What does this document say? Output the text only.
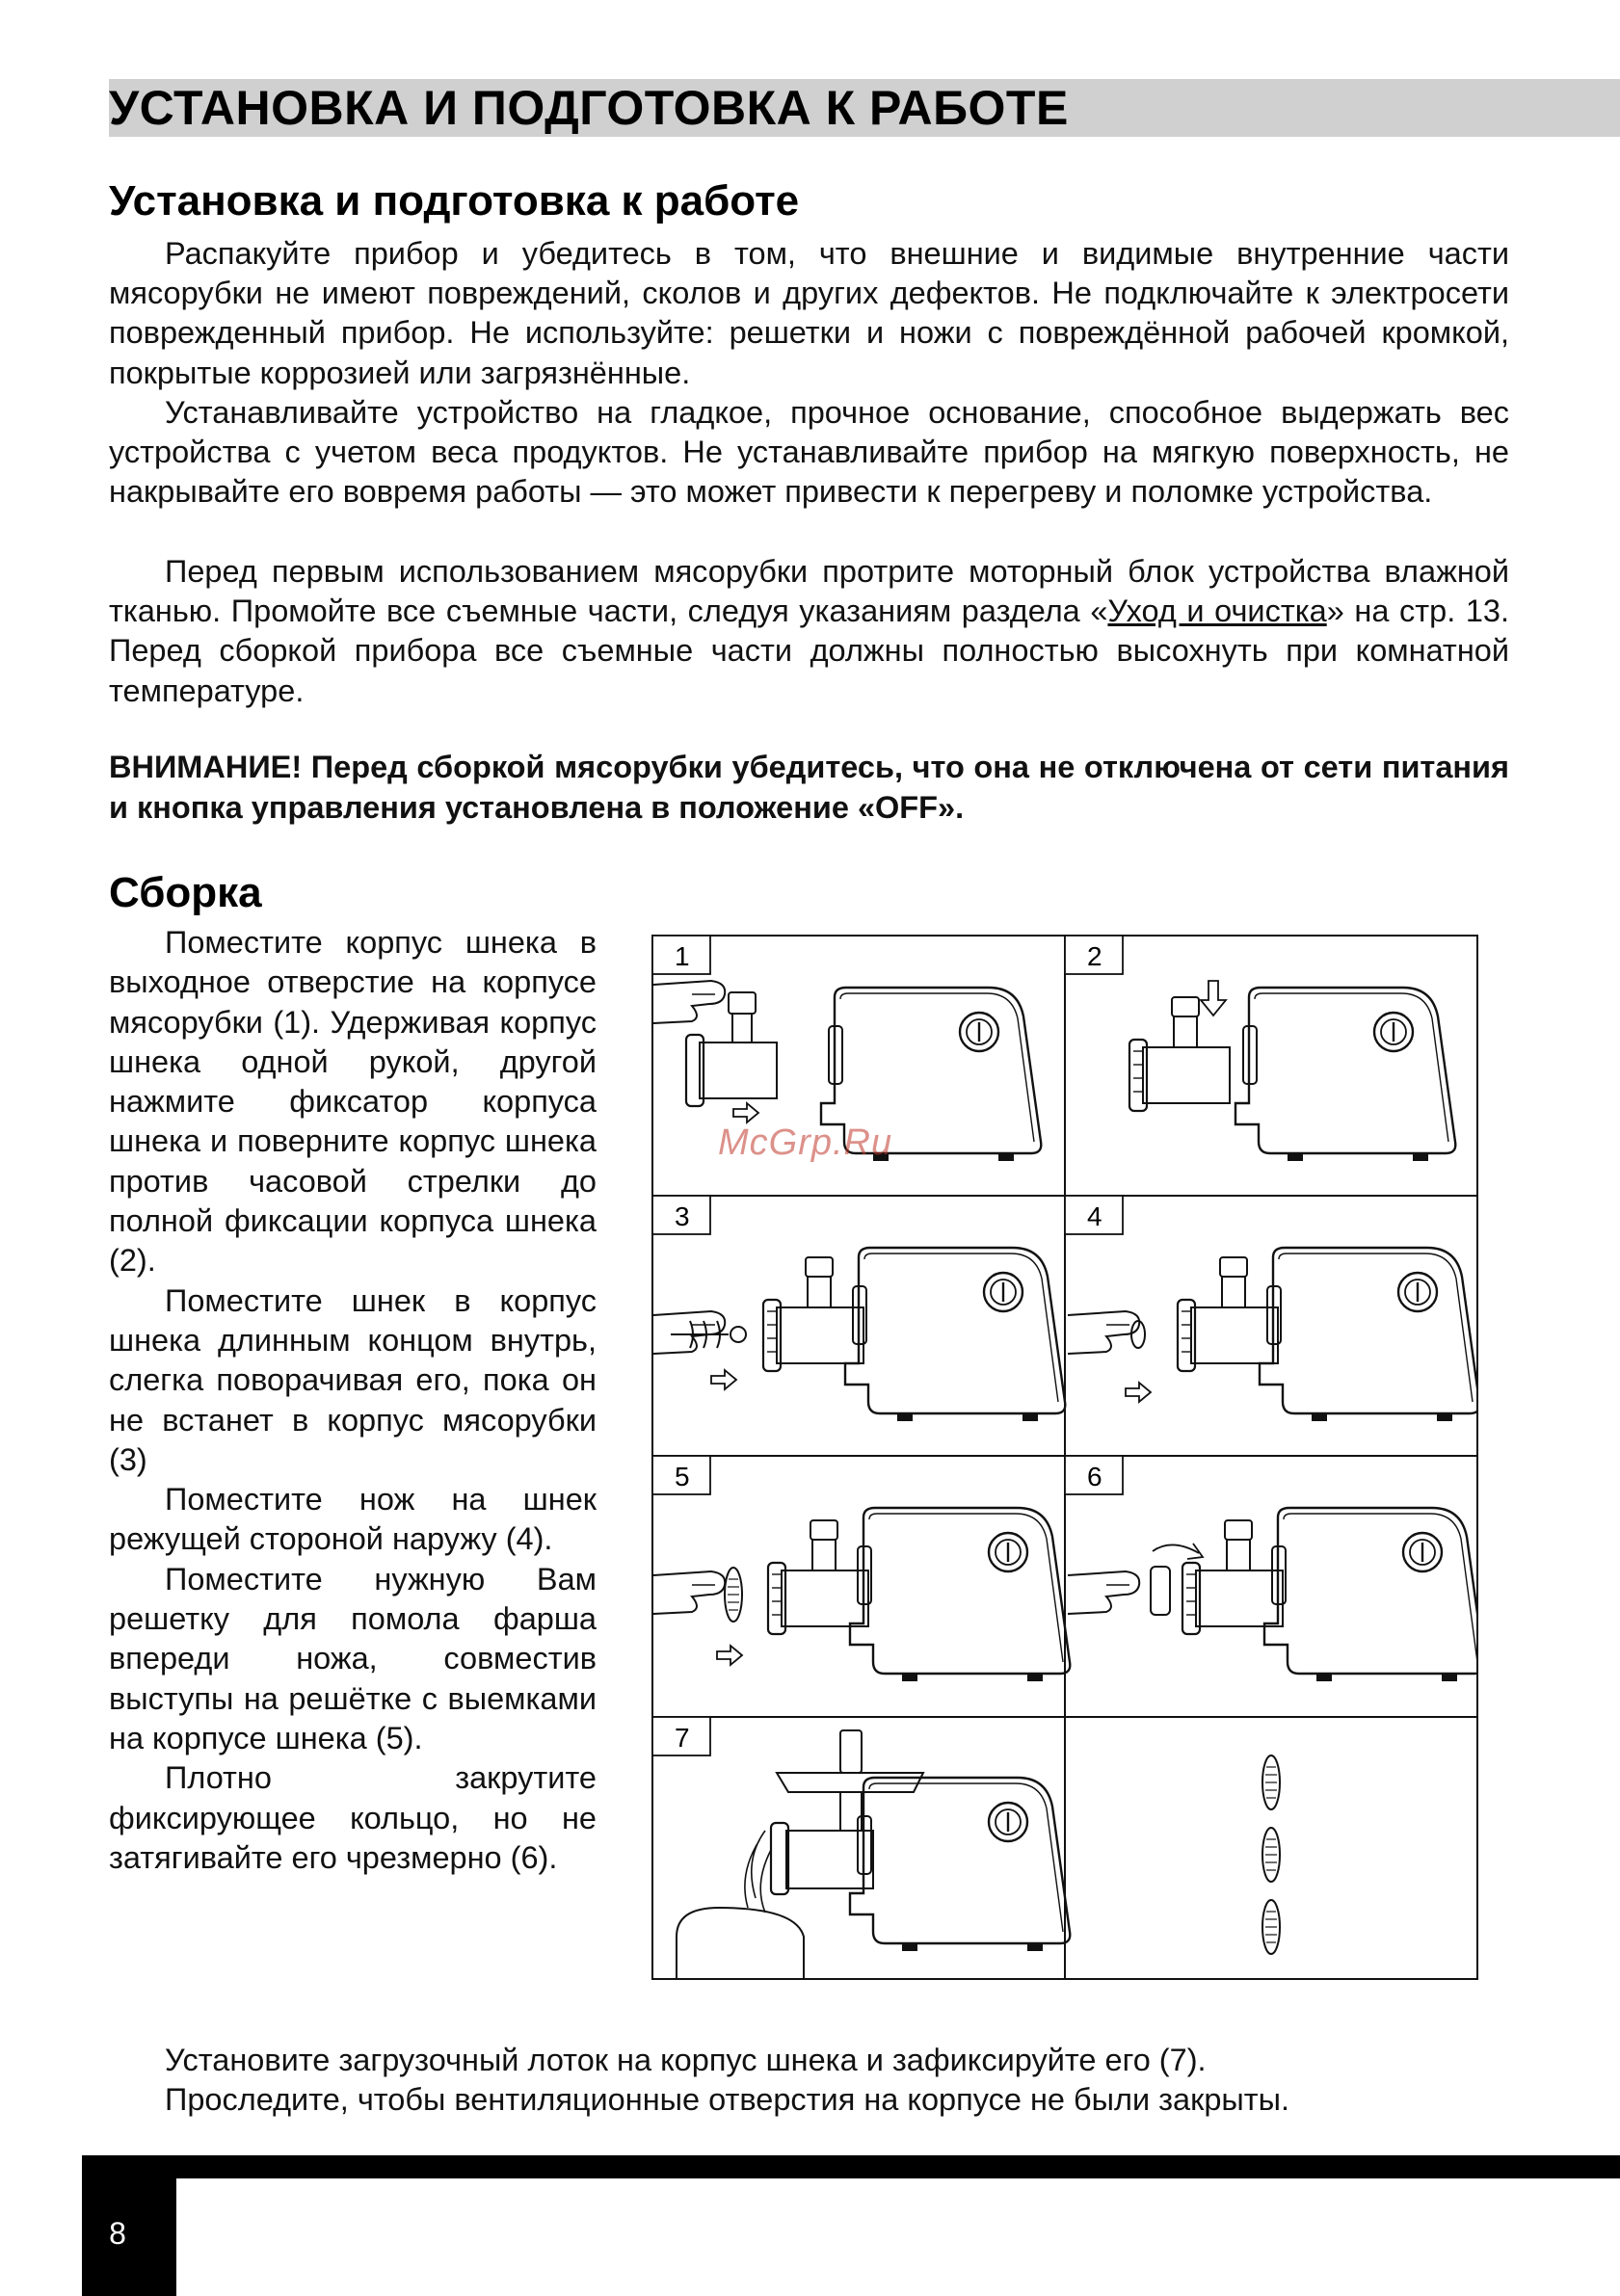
УСТАНОВКА И ПОДГОТОВКА К РАБОТЕ
Установка и подготовка к работе

Распакуйте прибор и убедитесь в том, что внешние и видимые внутренние части мясорубки не имеют повреждений, сколов и других дефектов. Не подключайте к электросети поврежденный прибор. Не используйте: решетки и ножи с повреждённой рабочей кромкой, покрытые коррозией или загрязнённые.

Устанавливайте устройство на гладкое, прочное основание, способное выдержать вес устройства с учетом веса продуктов. Не устанавливайте прибор на мягкую поверхность, не накрывайте его вовремя работы — это может привести к перегреву и поломке устройства.

Перед первым использованием мясорубки протрите моторный блок устройства влажной тканью. Промойте все съемные части, следуя указаниям раздела «Уход и очистка» на стр. 13. Перед сборкой прибора все съемные части должны полностью высохнуть при комнатной температуре.

ВНИМАНИЕ! Перед сборкой мясорубки убедитесь, что она не отключена от сети питания и кнопка управления установлена в положение «OFF».

Сборка

Поместите корпус шнека в выходное отверстие на корпусе мясорубки (1). Удерживая корпус шнека одной рукой, другой нажмите фиксатор корпуса шнека и поверните корпус шнека против часовой стрелки до полной фиксации корпуса шнека (2).

Поместите шнек в корпус шнека длинным концом внутрь, слегка поворачивая его, пока он не встанет в корпус мясорубки (3)

Поместите нож на шнек режущей стороной наружу (4).

Поместите нужную Вам решетку для помола фарша впереди ножа, совместив выступы на решётке с выемками на корпусе шнека (5).

Плотно закрутите фиксирующее кольцо, но не затягивайте его чрезмерно (6).

Установите загрузочный лоток на корпус шнека и зафиксируйте его (7).

Проследите, чтобы вентиляционные отверстия на корпусе не были закрыты.

1	2
3	4
5	6
7
McGrp.Ru
8
